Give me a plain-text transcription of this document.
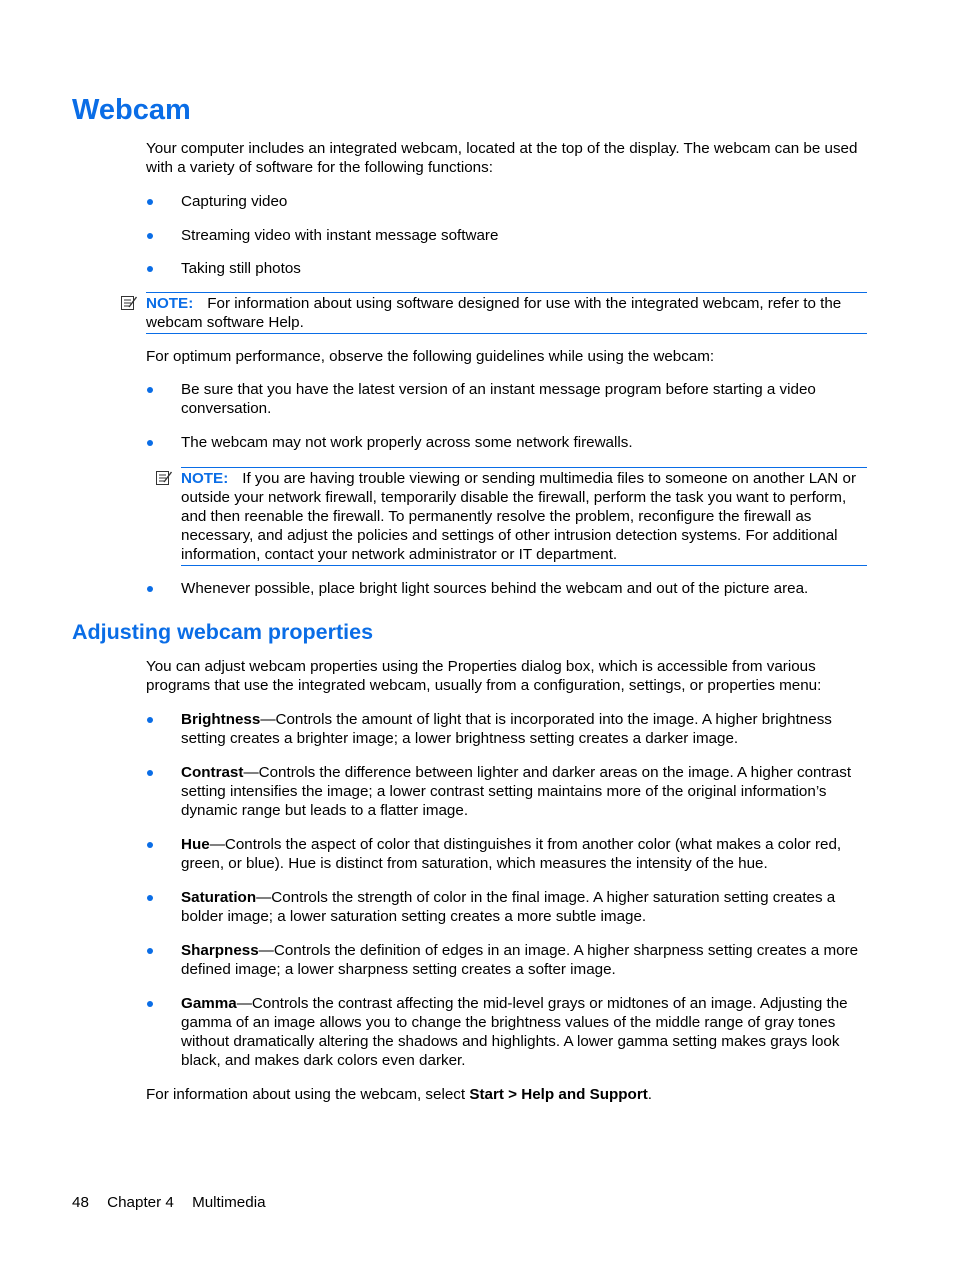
Webcam

Your computer includes an integrated webcam, located at the top of the display. The webcam can be used with a variety of software for the following functions:

Capturing video

Streaming video with instant message software

Taking still photos

NOTE: For information about using software designed for use with the integrated webcam, refer to the webcam software Help.

For optimum performance, observe the following guidelines while using the webcam:

Be sure that you have the latest version of an instant message program before starting a video conversation.

The webcam may not work properly across some network firewalls.

NOTE: If you are having trouble viewing or sending multimedia files to someone on another LAN or outside your network firewall, temporarily disable the firewall, perform the task you want to perform, and then reenable the firewall. To permanently resolve the problem, reconfigure the firewall as necessary, and adjust the policies and settings of other intrusion detection systems. For additional information, contact your network administrator or IT department.

Whenever possible, place bright light sources behind the webcam and out of the picture area.

Adjusting webcam properties

You can adjust webcam properties using the Properties dialog box, which is accessible from various programs that use the integrated webcam, usually from a configuration, settings, or properties menu:

Brightness—Controls the amount of light that is incorporated into the image. A higher brightness setting creates a brighter image; a lower brightness setting creates a darker image.

Contrast—Controls the difference between lighter and darker areas on the image. A higher contrast setting intensifies the image; a lower contrast setting maintains more of the original information’s dynamic range but leads to a flatter image.

Hue—Controls the aspect of color that distinguishes it from another color (what makes a color red, green, or blue). Hue is distinct from saturation, which measures the intensity of the hue.

Saturation—Controls the strength of color in the final image. A higher saturation setting creates a bolder image; a lower saturation setting creates a more subtle image.

Sharpness—Controls the definition of edges in an image. A higher sharpness setting creates a more defined image; a lower sharpness setting creates a softer image.

Gamma—Controls the contrast affecting the mid-level grays or midtones of an image. Adjusting the gamma of an image allows you to change the brightness values of the middle range of gray tones without dramatically altering the shadows and highlights. A lower gamma setting makes grays look black, and makes dark colors even darker.

For information about using the webcam, select Start > Help and Support.

48 Chapter 4 Multimedia
